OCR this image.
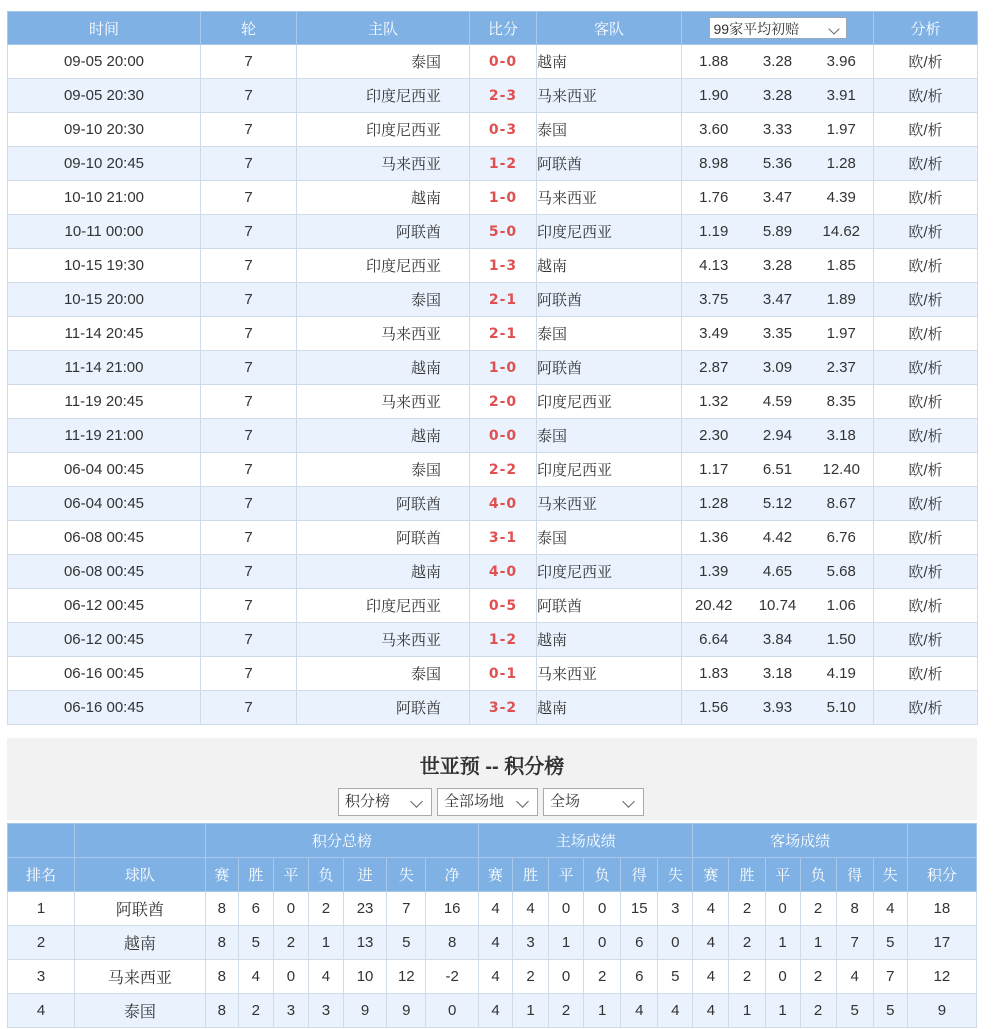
时间	轮	主队	比分	客队	99家平均初赔			分析
09-05 20:00	7	泰国	0-0	越南	1.88	3.28	3.96	欧/析
09-05 20:30	7	印度尼西亚	2-3	马来西亚	1.90	3.28	3.91	欧/析
09-10 20:30	7	印度尼西亚	0-3	泰国	3.60	3.33	1.97	欧/析
09-10 20:45	7	马来西亚	1-2	阿联酋	8.98	5.36	1.28	欧/析
10-10 21:00	7	越南	1-0	马来西亚	1.76	3.47	4.39	欧/析
10-11 00:00	7	阿联酋	5-0	印度尼西亚	1.19	5.89	14.62	欧/析
10-15 19:30	7	印度尼西亚	1-3	越南	4.13	3.28	1.85	欧/析
10-15 20:00	7	泰国	2-1	阿联酋	3.75	3.47	1.89	欧/析
11-14 20:45	7	马来西亚	2-1	泰国	3.49	3.35	1.97	欧/析
11-14 21:00	7	越南	1-0	阿联酋	2.87	3.09	2.37	欧/析
11-19 20:45	7	马来西亚	2-0	印度尼西亚	1.32	4.59	8.35	欧/析
11-19 21:00	7	越南	0-0	泰国	2.30	2.94	3.18	欧/析
06-04 00:45	7	泰国	2-2	印度尼西亚	1.17	6.51	12.40	欧/析
06-04 00:45	7	阿联酋	4-0	马来西亚	1.28	5.12	8.67	欧/析
06-08 00:45	7	阿联酋	3-1	泰国	1.36	4.42	6.76	欧/析
06-08 00:45	7	越南	4-0	印度尼西亚	1.39	4.65	5.68	欧/析
06-12 00:45	7	印度尼西亚	0-5	阿联酋	20.42	10.74	1.06	欧/析
06-12 00:45	7	马来西亚	1-2	越南	6.64	3.84	1.50	欧/析
06-16 00:45	7	泰国	0-1	马来西亚	1.83	3.18	4.19	欧/析
06-16 00:45	7	阿联酋	3-2	越南	1.56	3.93	5.10	欧/析
世亚预 -- 积分榜
积分榜	全部场地	全场
		积分总榜							主场成绩						客场成绩						
排名	球队	赛	胜	平	负	进	失	净	赛	胜	平	负	得	失	赛	胜	平	负	得	失	积分
1	阿联酋	8	6	0	2	23	7	16	4	4	0	0	15	3	4	2	0	2	8	4	18
2	越南	8	5	2	1	13	5	8	4	3	1	0	6	0	4	2	1	1	7	5	17
3	马来西亚	8	4	0	4	10	12	-2	4	2	0	2	6	5	4	2	0	2	4	7	12
4	泰国	8	2	3	3	9	9	0	4	1	2	1	4	4	4	1	1	2	5	5	9
